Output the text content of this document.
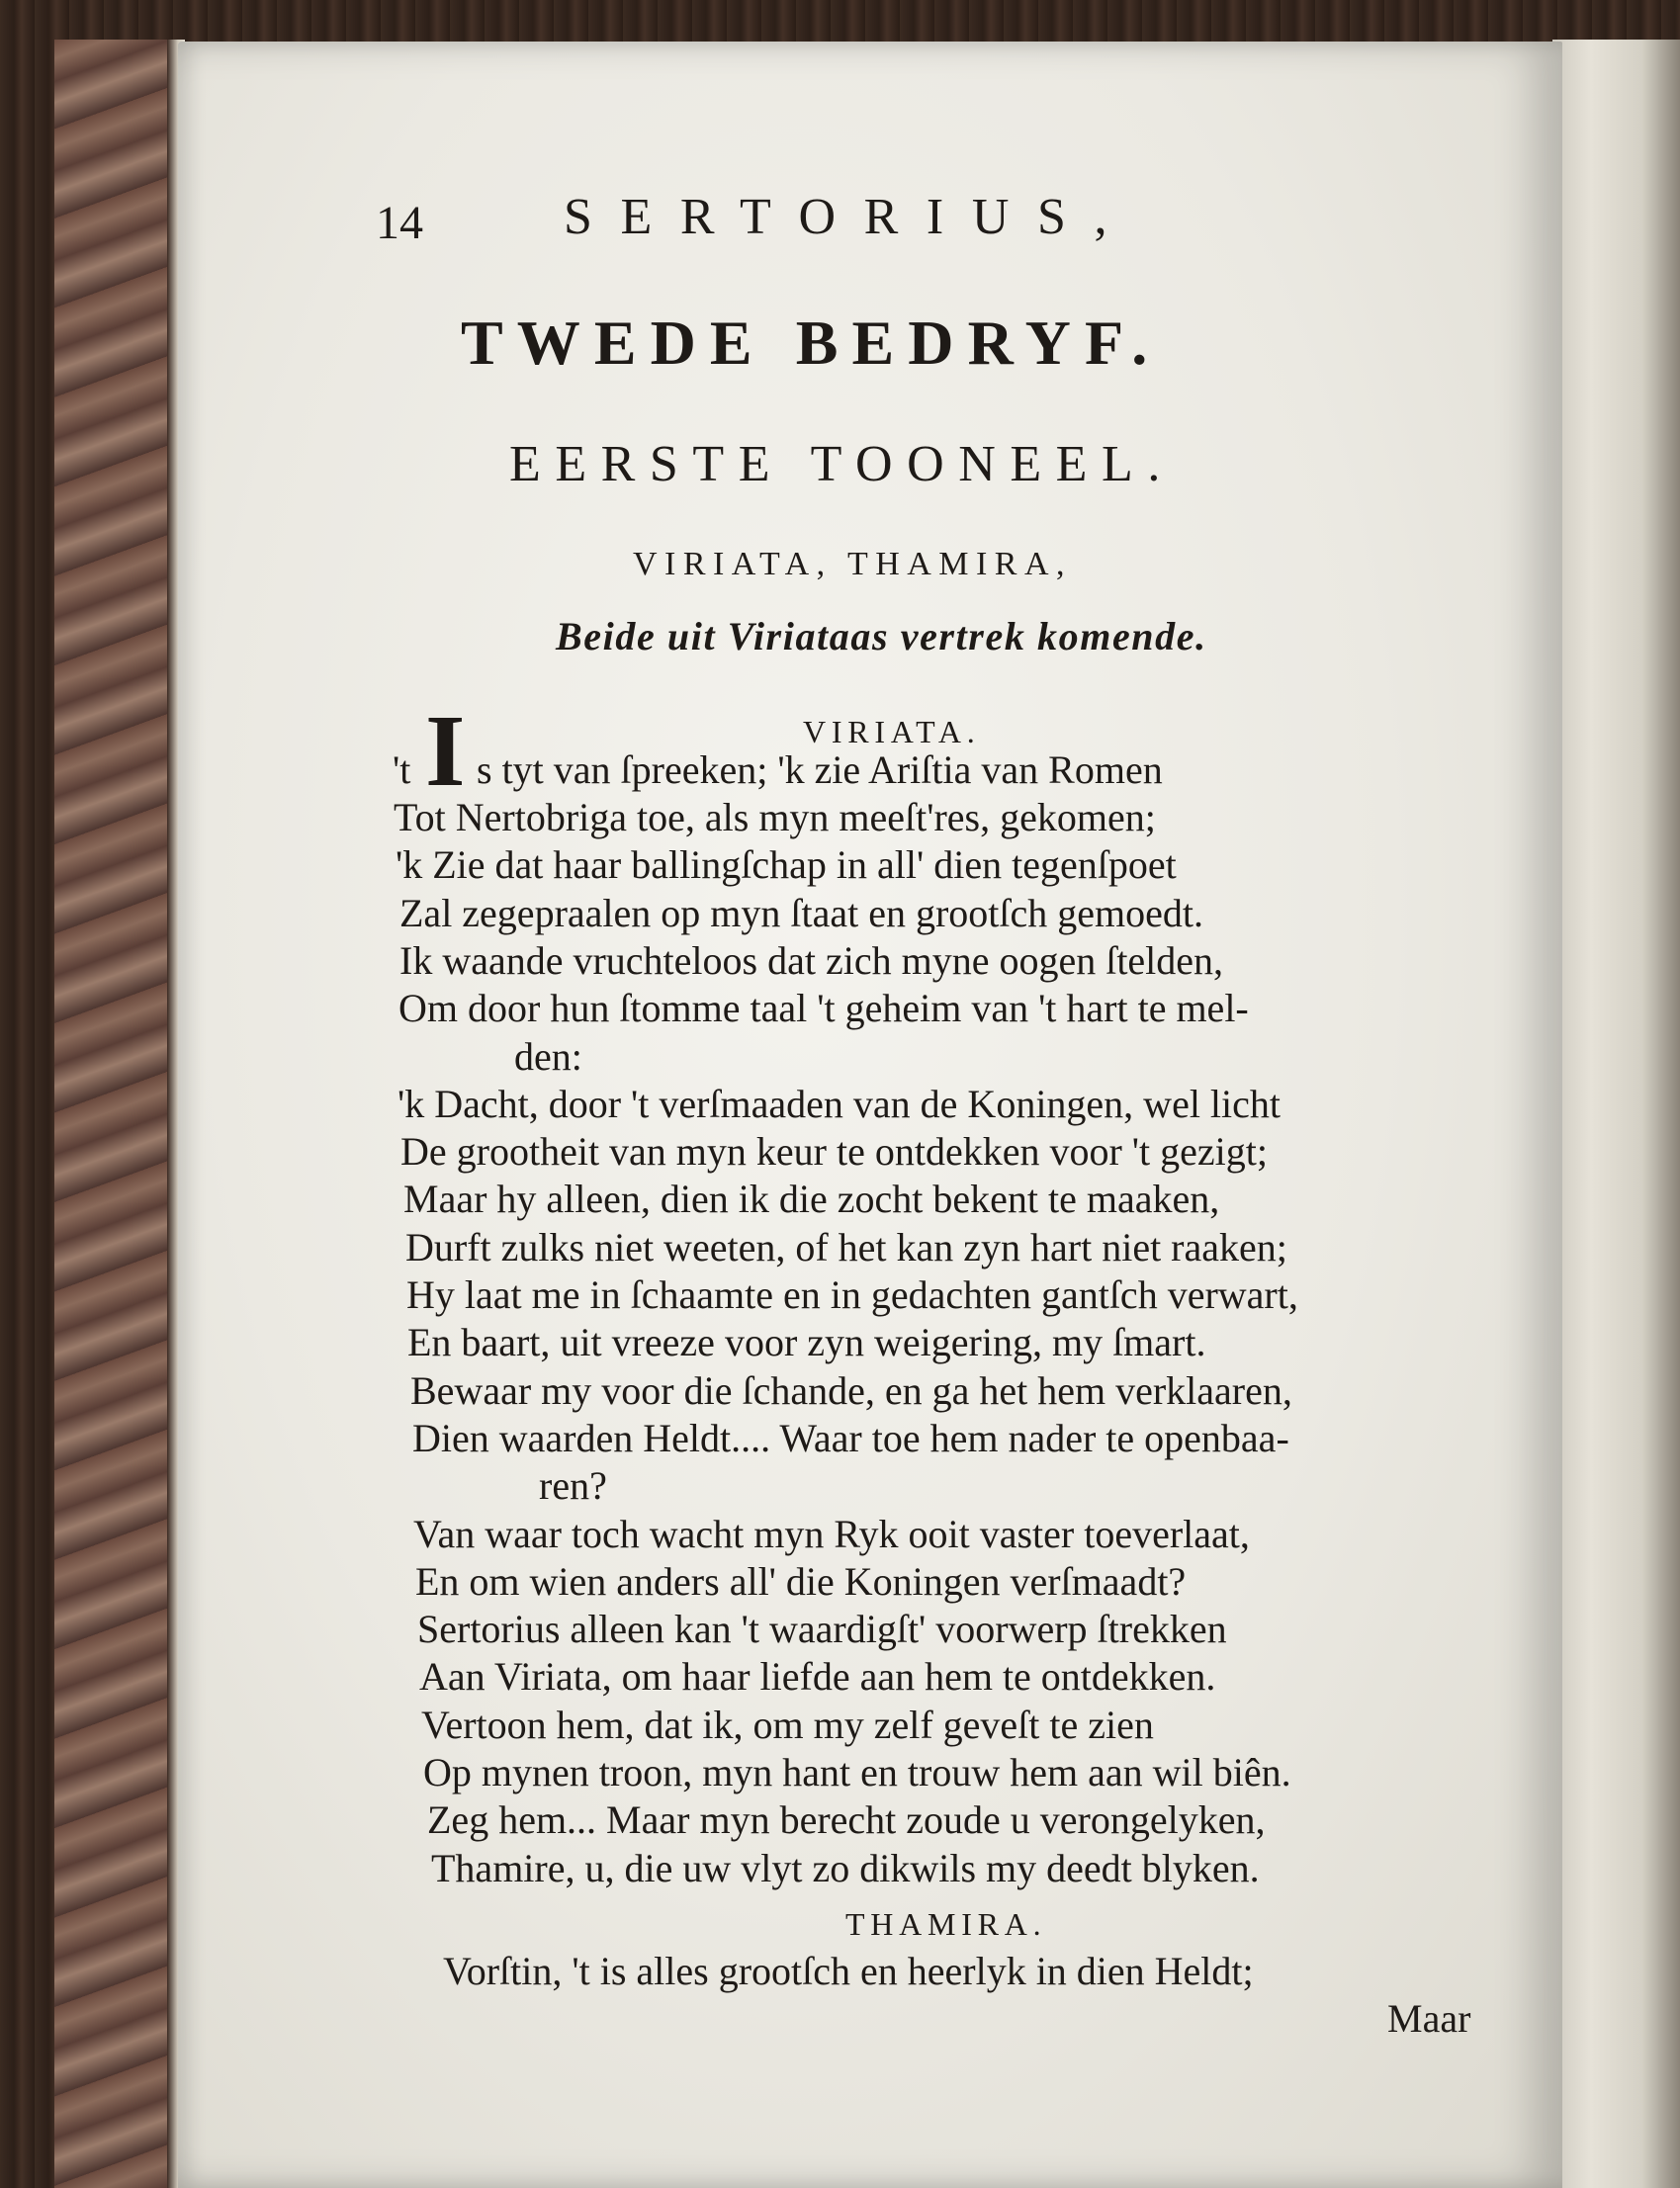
14	SERTORIUS,
TWEDE BEDRYF.
EERSTE TOONEEL.
VIRIATA, THAMIRA,
Beide uit Viriataas vertrek komende.
VIRIATA.
I
't s tyt van ſpreeken; 'k zie Ariſtia van Romen
Tot Nertobriga toe, als myn meeſt'res, gekomen;
'k Zie dat haar ballingſchap in all' dien tegenſpoet
Zal zegepraalen op myn ſtaat en grootſch gemoedt.
Ik waande vruchteloos dat zich myne oogen ſtelden,
Om door hun ſtomme taal 't geheim van 't hart te mel-
den:
'k Dacht, door 't verſmaaden van de Koningen, wel licht
De grootheit van myn keur te ontdekken voor 't gezigt;
Maar hy alleen, dien ik die zocht bekent te maaken,
Durft zulks niet weeten, of het kan zyn hart niet raaken;
Hy laat me in ſchaamte en in gedachten gantſch verwart,
En baart, uit vreeze voor zyn weigering, my ſmart.
Bewaar my voor die ſchande, en ga het hem verklaaren,
Dien waarden Heldt.... Waar toe hem nader te openbaa-
ren?
Van waar toch wacht myn Ryk ooit vaster toeverlaat,
En om wien anders all' die Koningen verſmaadt?
Sertorius alleen kan 't waardigſt' voorwerp ſtrekken
Aan Viriata, om haar liefde aan hem te ontdekken.
Vertoon hem, dat ik, om my zelf geveſt te zien
Op mynen troon, myn hant en trouw hem aan wil biên.
Zeg hem... Maar myn berecht zoude u verongelyken,
Thamire, u, die uw vlyt zo dikwils my deedt blyken.
THAMIRA.
Vorſtin, 't is alles grootſch en heerlyk in dien Heldt;
Maar
